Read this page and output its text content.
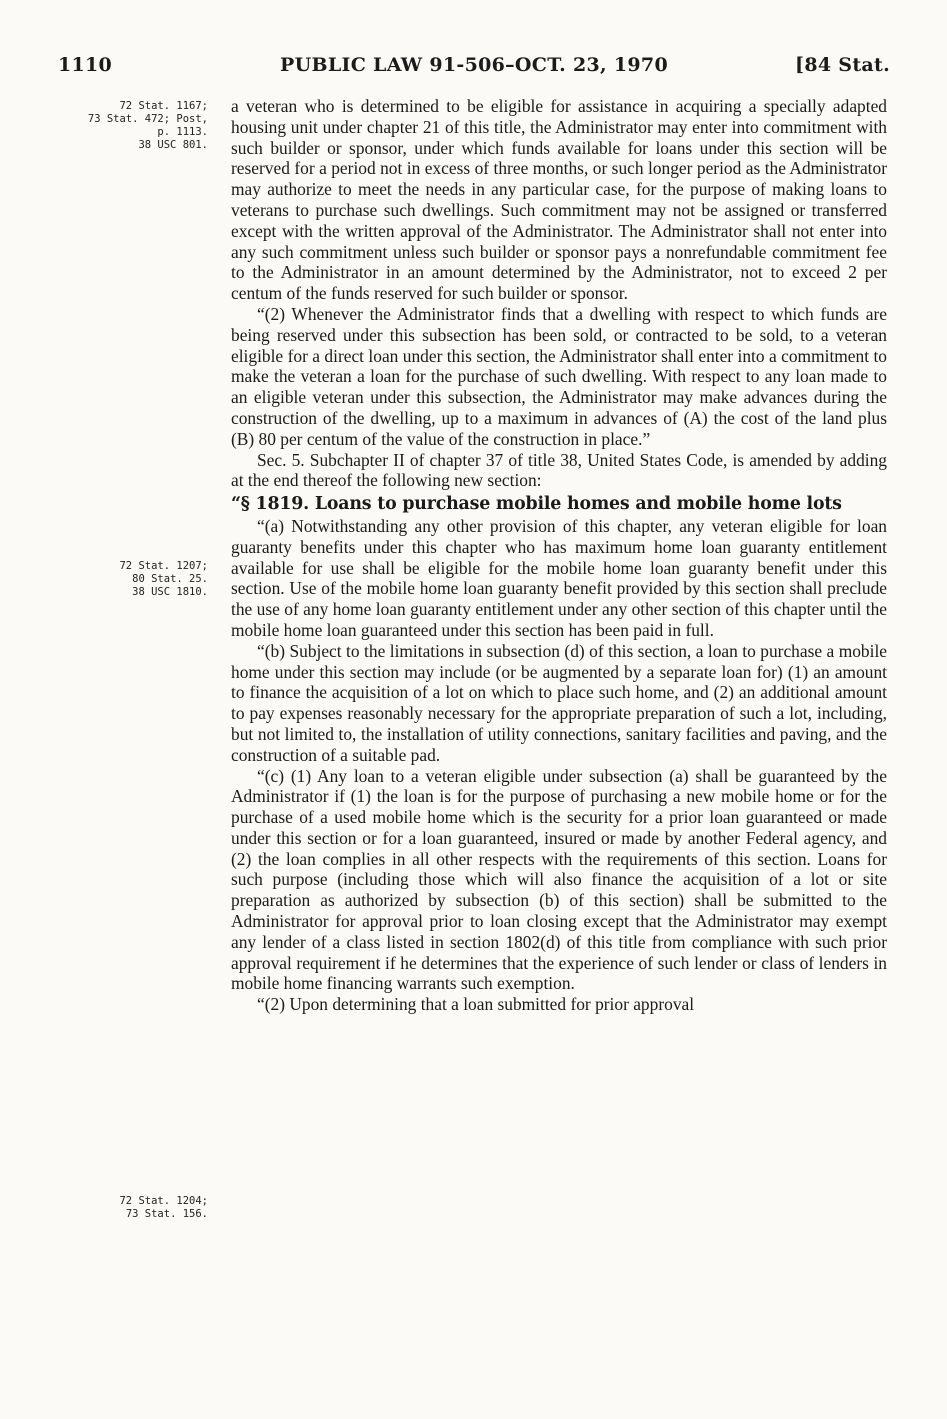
1110	PUBLIC LAW 91-506–OCT. 23, 1970	[84 Stat.
72 Stat. 1167;
73 Stat. 472; Post,
p. 1113.
38 USC 801.
72 Stat. 1207;
80 Stat. 25.
38 USC 1810.
72 Stat. 1204;
73 Stat. 156.

a veteran who is determined to be eligible for assistance in acquiring a specially adapted housing unit under chapter 21 of this title, the Administrator may enter into commitment with such builder or sponsor, under which funds available for loans under this section will be reserved for a period not in excess of three months, or such longer period as the Administrator may authorize to meet the needs in any particular case, for the purpose of making loans to veterans to purchase such dwellings. Such commitment may not be assigned or transferred except with the written approval of the Administrator. The Administrator shall not enter into any such commitment unless such builder or sponsor pays a nonrefundable commitment fee to the Administrator in an amount determined by the Administrator, not to exceed 2 per centum of the funds reserved for such builder or sponsor.

“(2) Whenever the Administrator finds that a dwelling with respect to which funds are being reserved under this subsection has been sold, or contracted to be sold, to a veteran eligible for a direct loan under this section, the Administrator shall enter into a commitment to make the veteran a loan for the purchase of such dwelling. With respect to any loan made to an eligible veteran under this subsection, the Administrator may make advances during the construction of the dwelling, up to a maximum in advances of (A) the cost of the land plus (B) 80 per centum of the value of the construction in place.”

Sec. 5. Subchapter II of chapter 37 of title 38, United States Code, is amended by adding at the end thereof the following new section:

“§ 1819. Loans to purchase mobile homes and mobile home lots

“(a) Notwithstanding any other provision of this chapter, any veteran eligible for loan guaranty benefits under this chapter who has maximum home loan guaranty entitlement available for use shall be eligible for the mobile home loan guaranty benefit under this section. Use of the mobile home loan guaranty benefit provided by this section shall preclude the use of any home loan guaranty entitlement under any other section of this chapter until the mobile home loan guaranteed under this section has been paid in full.

“(b) Subject to the limitations in subsection (d) of this section, a loan to purchase a mobile home under this section may include (or be augmented by a separate loan for) (1) an amount to finance the acquisition of a lot on which to place such home, and (2) an additional amount to pay expenses reasonably necessary for the appropriate preparation of such a lot, including, but not limited to, the installation of utility connections, sanitary facilities and paving, and the construction of a suitable pad.

“(c) (1) Any loan to a veteran eligible under subsection (a) shall be guaranteed by the Administrator if (1) the loan is for the purpose of purchasing a new mobile home or for the purchase of a used mobile home which is the security for a prior loan guaranteed or made under this section or for a loan guaranteed, insured or made by another Federal agency, and (2) the loan complies in all other respects with the requirements of this section. Loans for such purpose (including those which will also finance the acquisition of a lot or site preparation as authorized by subsection (b) of this section) shall be submitted to the Administrator for approval prior to loan closing except that the Administrator may exempt any lender of a class listed in section 1802(d) of this title from compliance with such prior approval requirement if he determines that the experience of such lender or class of lenders in mobile home financing warrants such exemption.

“(2) Upon determining that a loan submitted for prior approval
